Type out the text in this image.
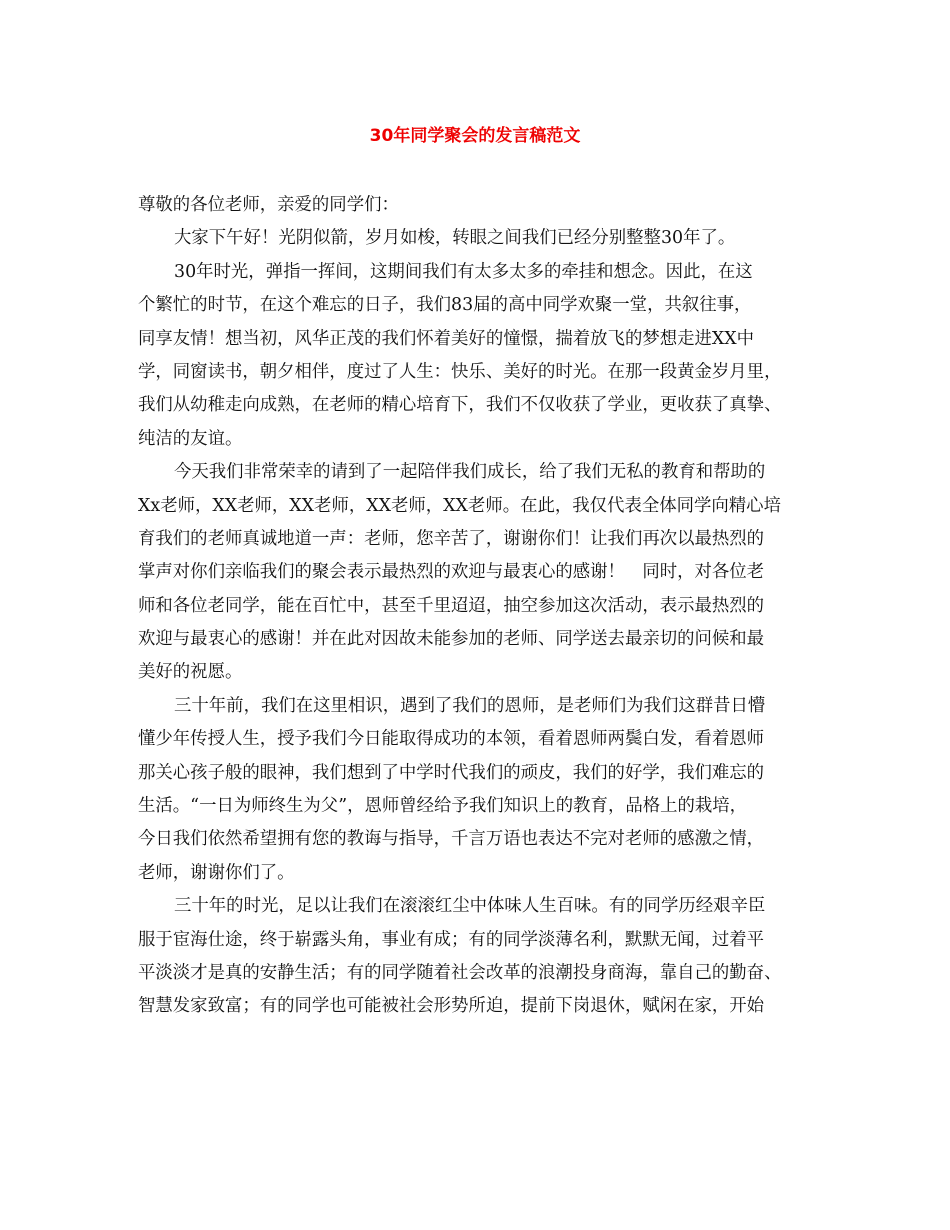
30年同学聚会的发言稿范文

尊敬的各位老师，亲爱的同学们：

大家下午好！光阴似箭，岁月如梭，转眼之间我们已经分别整整30年了。

30年时光，弹指一挥间，这期间我们有太多太多的牵挂和想念。因此，在这

个繁忙的时节，在这个难忘的日子，我们83届的高中同学欢聚一堂，共叙往事，

同享友情！想当初，风华正茂的我们怀着美好的憧憬，揣着放飞的梦想走进XX中

学，同窗读书，朝夕相伴，度过了人生：快乐、美好的时光。在那一段黄金岁月里，

我们从幼稚走向成熟，在老师的精心培育下，我们不仅收获了学业，更收获了真挚、

纯洁的友谊。

今天我们非常荣幸的请到了一起陪伴我们成长，给了我们无私的教育和帮助的

Xx老师，XX老师，XX老师，XX老师，XX老师。在此，我仅代表全体同学向精心培

育我们的老师真诚地道一声：老师，您辛苦了，谢谢你们！让我们再次以最热烈的

掌声对你们亲临我们的聚会表示最热烈的欢迎与最衷心的感谢！　同时，对各位老

师和各位老同学，能在百忙中，甚至千里迢迢，抽空参加这次活动，表示最热烈的

欢迎与最衷心的感谢！并在此对因故未能参加的老师、同学送去最亲切的问候和最

美好的祝愿。

三十年前，我们在这里相识，遇到了我们的恩师，是老师们为我们这群昔日懵

懂少年传授人生，授予我们今日能取得成功的本领，看着恩师两鬓白发，看着恩师

那关心孩子般的眼神，我们想到了中学时代我们的顽皮，我们的好学，我们难忘的

生活。“一日为师终生为父”，恩师曾经给予我们知识上的教育，品格上的栽培，

今日我们依然希望拥有您的教诲与指导，千言万语也表达不完对老师的感激之情，

老师，谢谢你们了。

三十年的时光，足以让我们在滚滚红尘中体味人生百味。有的同学历经艰辛臣

服于宦海仕途，终于崭露头角，事业有成；有的同学淡薄名利，默默无闻，过着平

平淡淡才是真的安静生活；有的同学随着社会改革的浪潮投身商海，靠自己的勤奋、

智慧发家致富；有的同学也可能被社会形势所迫，提前下岗退休，赋闲在家，开始
